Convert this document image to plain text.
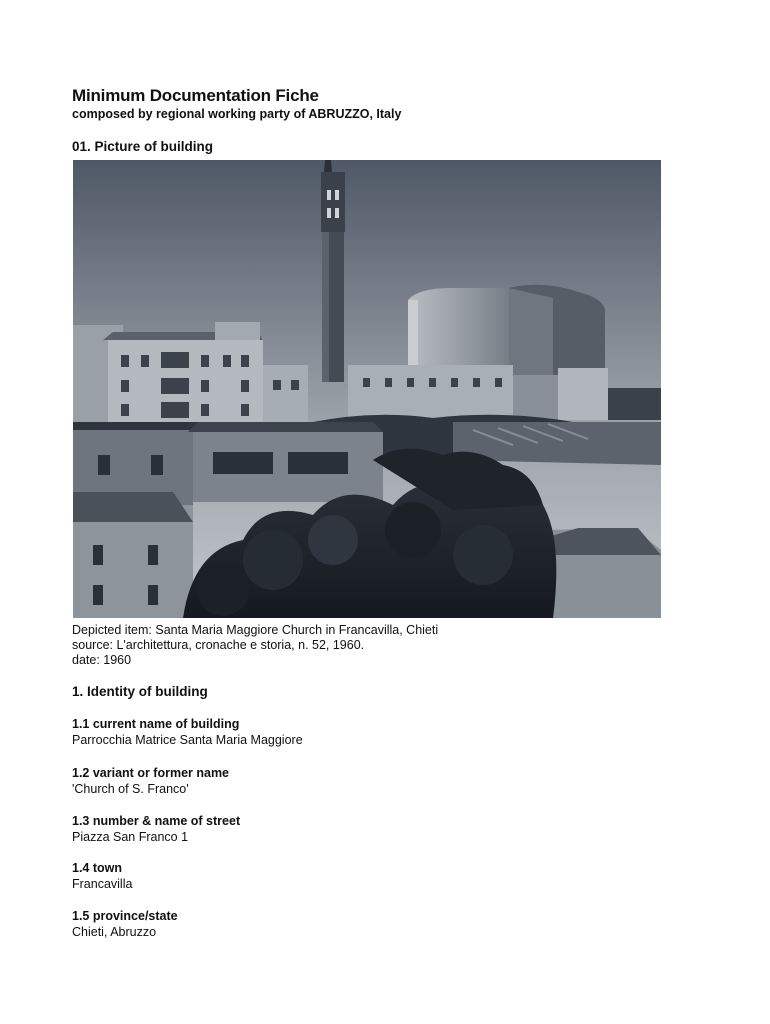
Minimum Documentation Fiche
composed by regional working party of ABRUZZO, Italy
01. Picture of building
Depicted item: Santa Maria Maggiore Church in Francavilla, Chieti
source: L'architettura, cronache e storia, n. 52, 1960.
date: 1960
1. Identity of building
1.1 current name of building
Parrocchia Matrice Santa Maria Maggiore
1.2 variant or former name
'Church of S. Franco'
1.3 number & name of street
Piazza San Franco 1
1.4 town
Francavilla
1.5 province/state
Chieti, Abruzzo
